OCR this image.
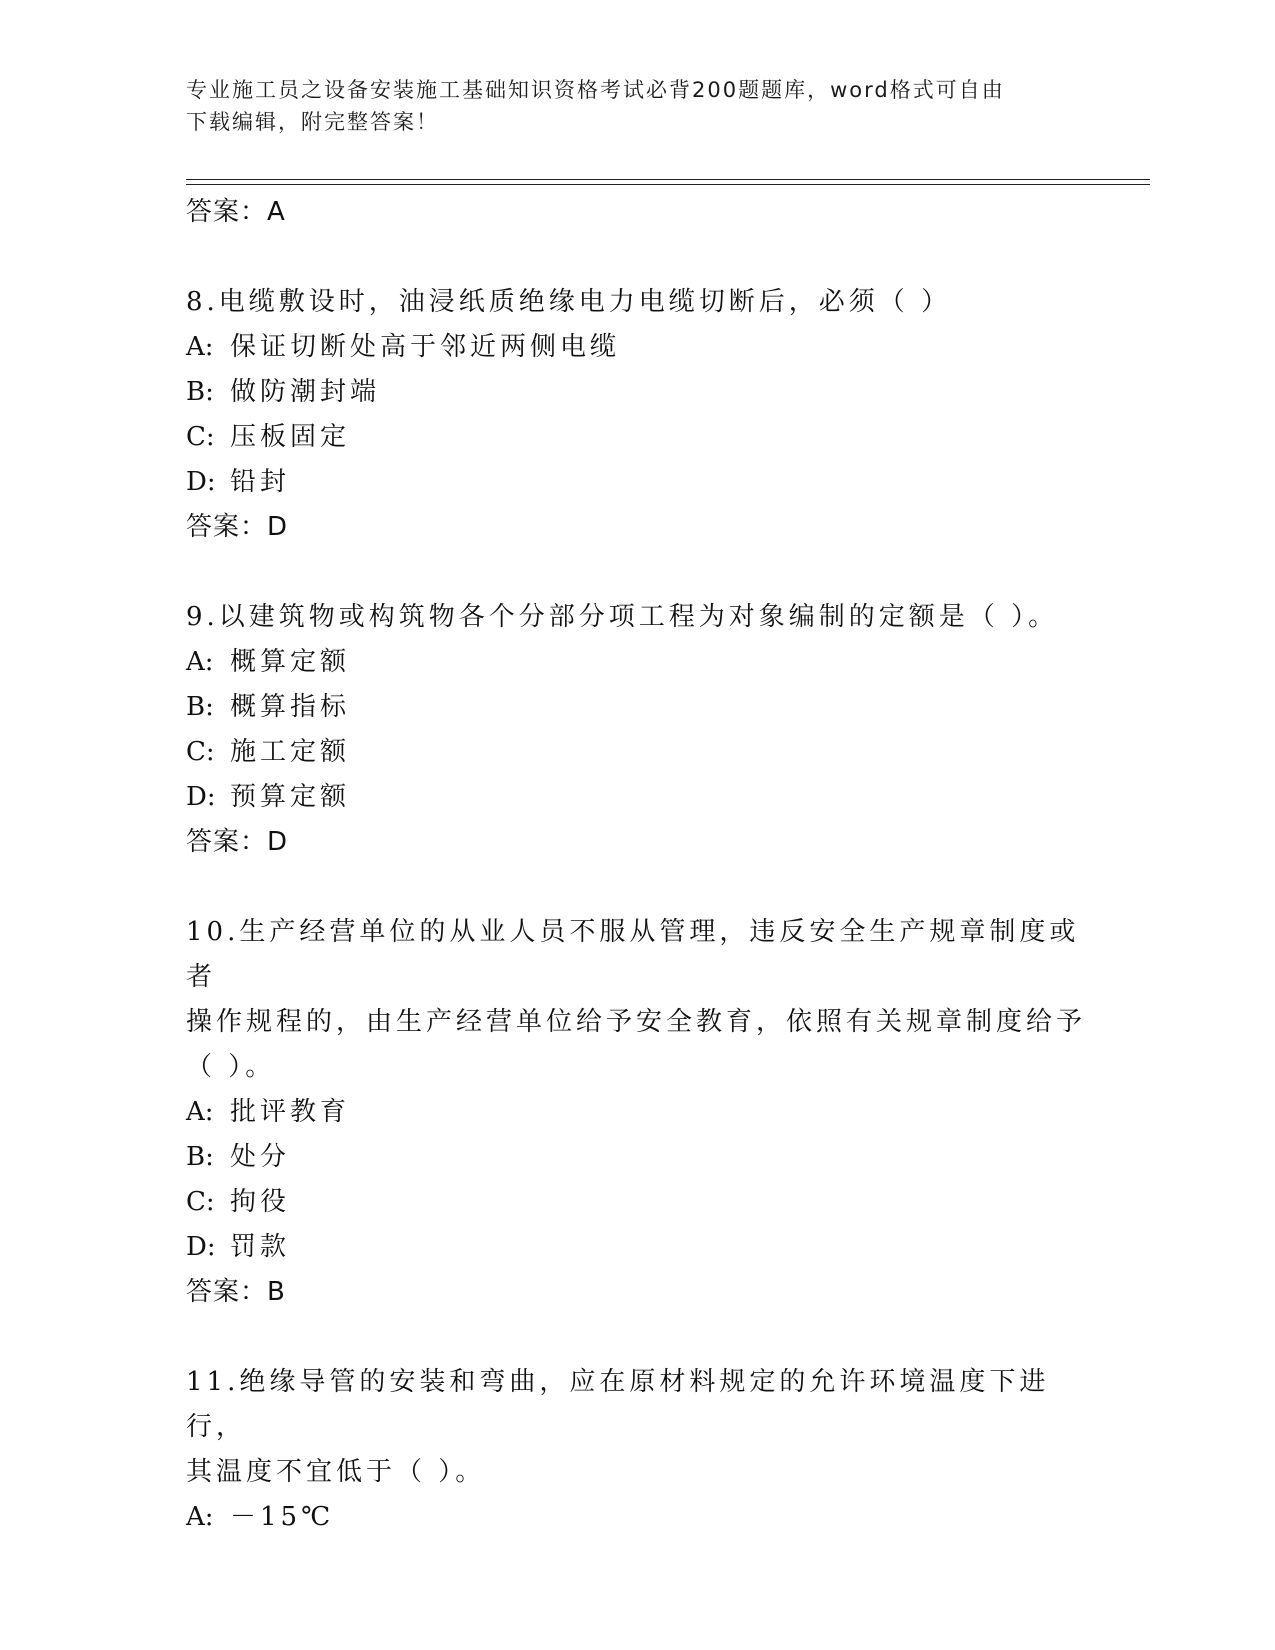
专业施工员之设备安装施工基础知识资格考试必背200题题库，word格式可自由
下载编辑，附完整答案！
答案：A
8.电缆敷设时，油浸纸质绝缘电力电缆切断后，必须（ ）
A: 保证切断处高于邻近两侧电缆
B: 做防潮封端
C: 压板固定
D: 铅封
答案：D
9.以建筑物或构筑物各个分部分项工程为对象编制的定额是（ ）。
A: 概算定额
B: 概算指标
C: 施工定额
D: 预算定额
答案：D
10.生产经营单位的从业人员不服从管理，违反安全生产规章制度或者
操作规程的，由生产经营单位给予安全教育，依照有关规章制度给予
（ ）。
A: 批评教育
B: 处分
C: 拘役
D: 罚款
答案：B
11.绝缘导管的安装和弯曲，应在原材料规定的允许环境温度下进行，
其温度不宜低于（ ）。
A: －15℃
